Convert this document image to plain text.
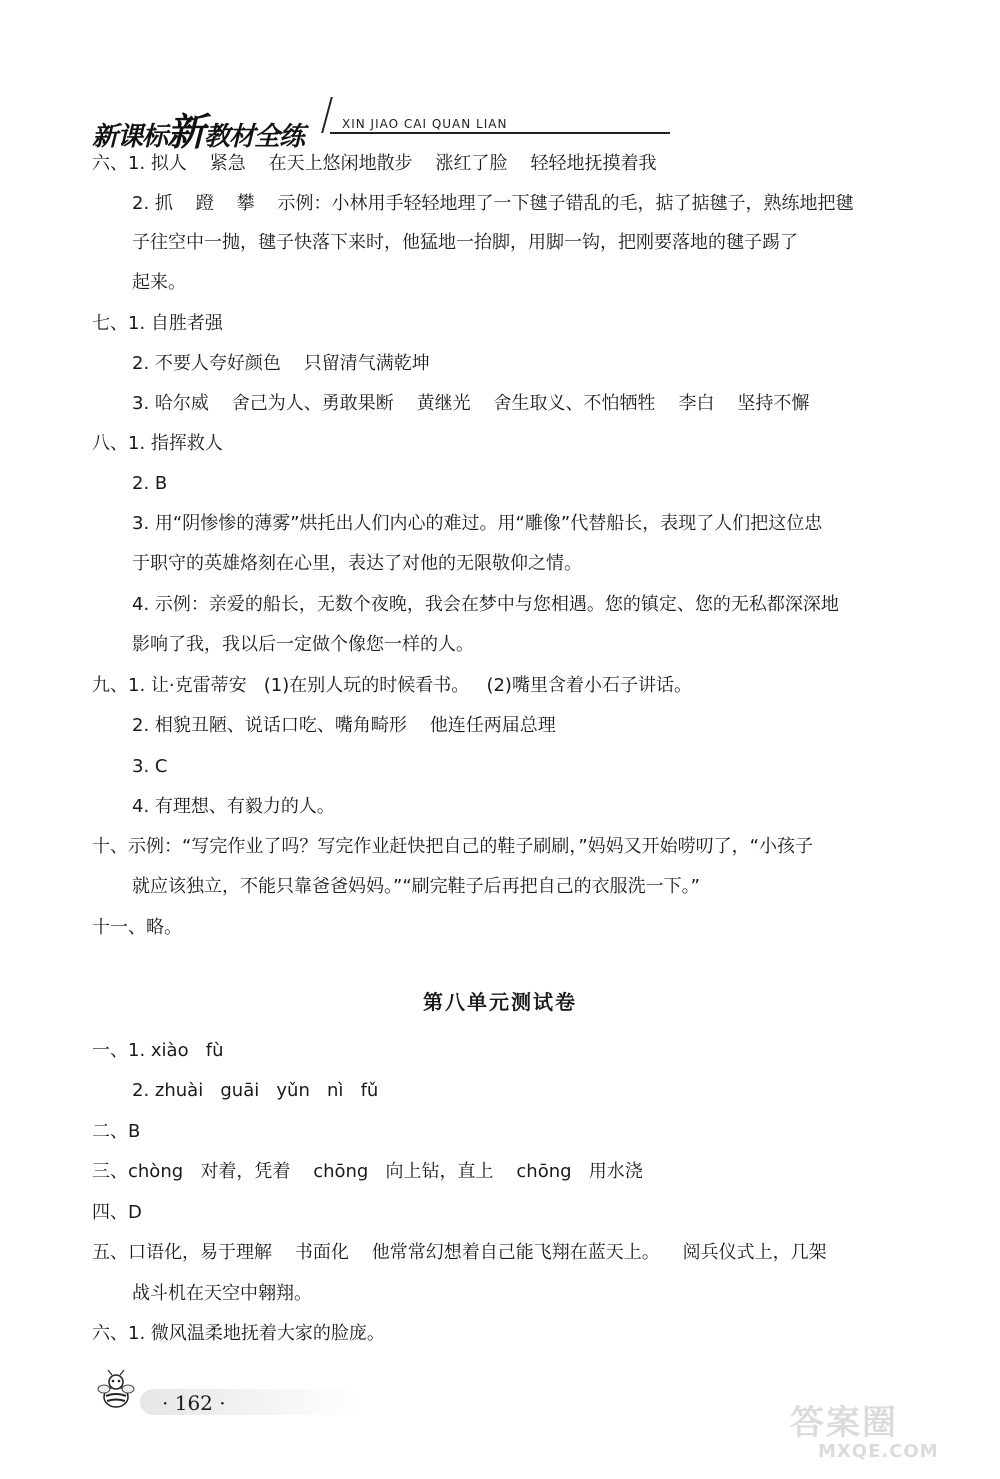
新课标新教材全练	XIN JIAO CAI QUAN LIAN
六、1. 拟人    紧急    在天上悠闲地散步    涨红了脸    轻轻地抚摸着我
2. 抓    蹬    攀    示例：小林用手轻轻地理了一下毽子错乱的毛，掂了掂毽子，熟练地把毽
子往空中一抛，毽子快落下来时，他猛地一抬脚，用脚一钩，把刚要落地的毽子踢了
起来。
七、1. 自胜者强
2. 不要人夸好颜色    只留清气满乾坤
3. 哈尔威    舍己为人、勇敢果断    黄继光    舍生取义、不怕牺牲    李白    坚持不懈
八、1. 指挥救人
2. B
3. 用“阴惨惨的薄雾”烘托出人们内心的难过。用“雕像”代替船长，表现了人们把这位忠
于职守的英雄烙刻在心里，表达了对他的无限敬仰之情。
4. 示例：亲爱的船长，无数个夜晚，我会在梦中与您相遇。您的镇定、您的无私都深深地
影响了我，我以后一定做个像您一样的人。
九、1. 让·克雷蒂安   (1)在别人玩的时候看书。   (2)嘴里含着小石子讲话。
2. 相貌丑陋、说话口吃、嘴角畸形    他连任两届总理
3. C
4. 有理想、有毅力的人。
十、示例：“写完作业了吗？写完作业赶快把自己的鞋子刷刷，”妈妈又开始唠叨了，“小孩子
就应该独立，不能只靠爸爸妈妈。”“刷完鞋子后再把自己的衣服洗一下。”
十一、略。
一、1. xiào   fù
2. zhuài   guāi   yǔn   nì   fǔ
二、B
三、chòng   对着，凭着    chōng   向上钻，直上    chōng   用水浇
四、D
五、口语化，易于理解    书面化    他常常幻想着自己能飞翔在蓝天上。    阅兵仪式上，几架
战斗机在天空中翱翔。
六、1. 微风温柔地抚着大家的脸庞。
第八单元测试卷
· 162 ·	答案圈
MXQE.COM
